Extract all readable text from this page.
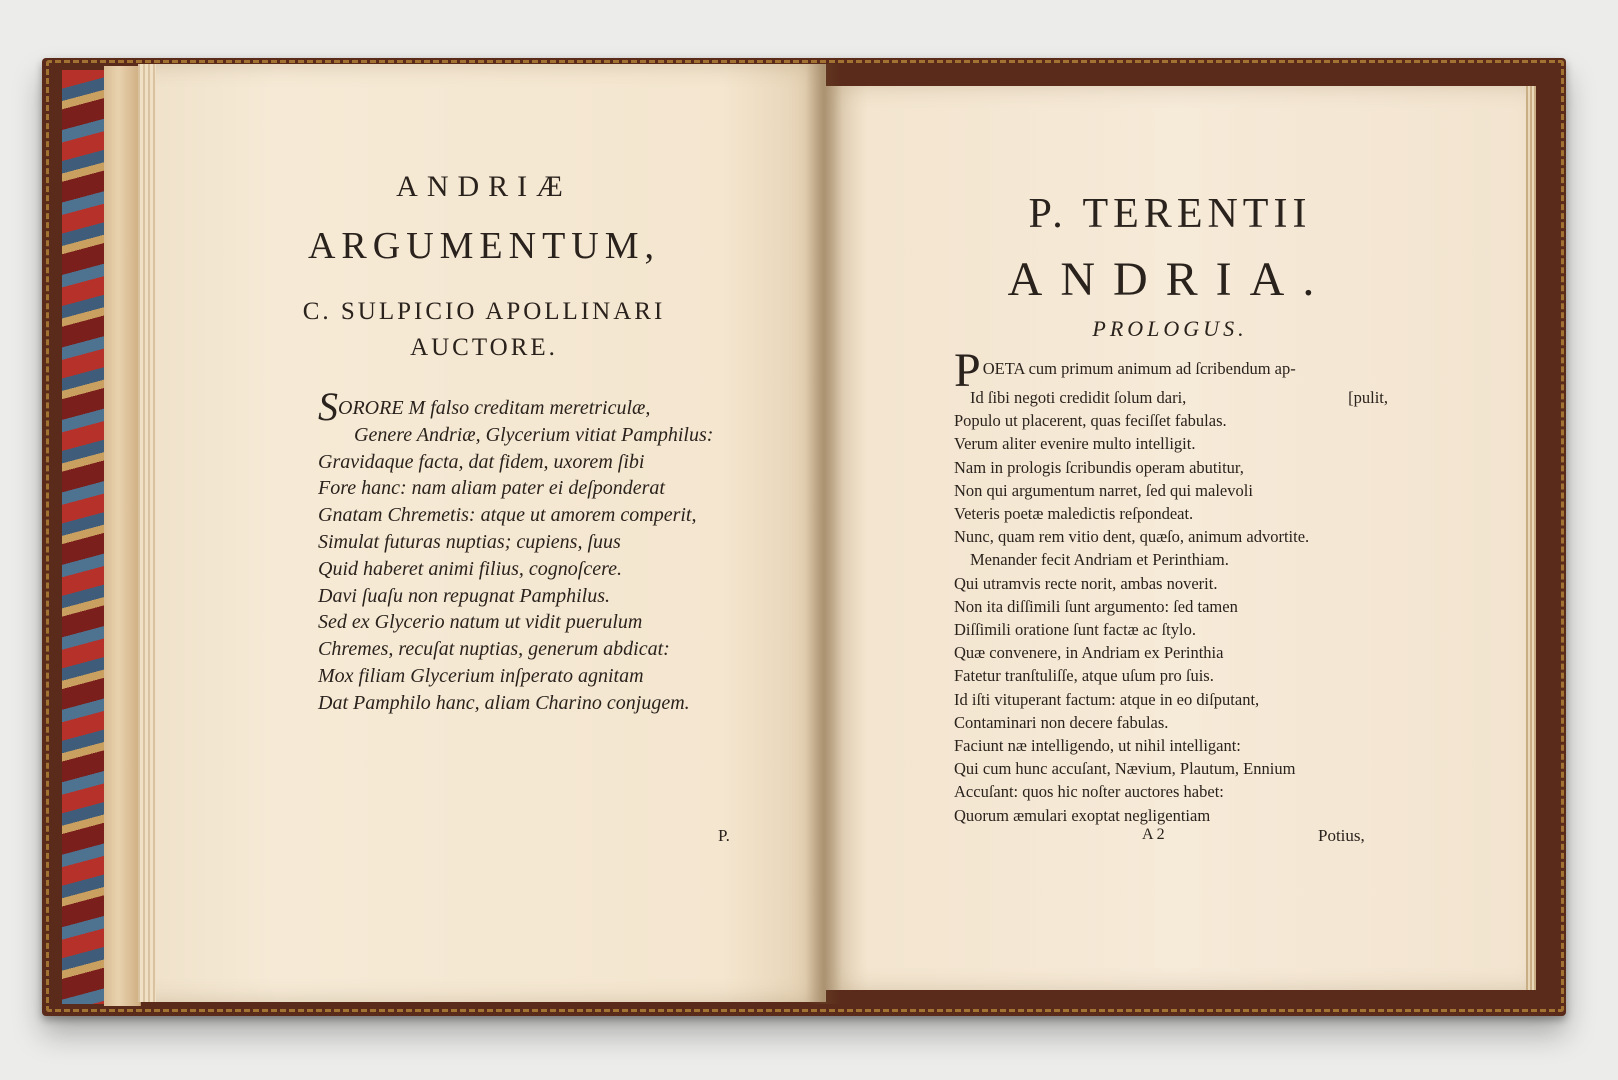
ANDRIÆ
ARGUMENTUM,
C. SULPICIO APOLLINARI
AUCTORE.
SORORE M falso creditam meretriculæ,
Genere Andriæ, Glycerium vitiat Pamphilus:
Gravidaque facta, dat fidem, uxorem ſibi
Fore hanc: nam aliam pater ei deſponderat
Gnatam Chremetis: atque ut amorem comperit,
Simulat futuras nuptias; cupiens, ſuus
Quid haberet animi filius, cognoſcere.
Davi ſuaſu non repugnat Pamphilus.
Sed ex Glycerio natum ut vidit puerulum
Chremes, recuſat nuptias, generum abdicat:
Mox filiam Glycerium inſperato agnitam
Dat Pamphilo hanc, aliam Charino conjugem.
P.
P. TERENTII
ANDRIA.
PROLOGUS.
POETA cum primum animum ad ſcribendum ap-
Id ſibi negoti credidit ſolum dari,	[pulit,
Populo ut placerent, quas feciſſet fabulas.
Verum aliter evenire multo intelligit.
Nam in prologis ſcribundis operam abutitur,
Non qui argumentum narret, ſed qui malevoli
Veteris poetæ maledictis reſpondeat.
Nunc, quam rem vitio dent, quæſo, animum advortite.
Menander fecit Andriam et Perinthiam.
Qui utramvis recte norit, ambas noverit.
Non ita diſſimili ſunt argumento: ſed tamen
Diſſimili oratione ſunt factæ ac ſtylo.
Quæ convenere, in Andriam ex Perinthia
Fatetur tranſtuliſſe, atque uſum pro ſuis.
Id iſti vituperant factum: atque in eo diſputant,
Contaminari non decere fabulas.
Faciunt næ intelligendo, ut nihil intelligant:
Qui cum hunc accuſant, Nævium, Plautum, Ennium
Accuſant: quos hic noſter auctores habet:
Quorum æmulari exoptat negligentiam
A 2	Potius,
